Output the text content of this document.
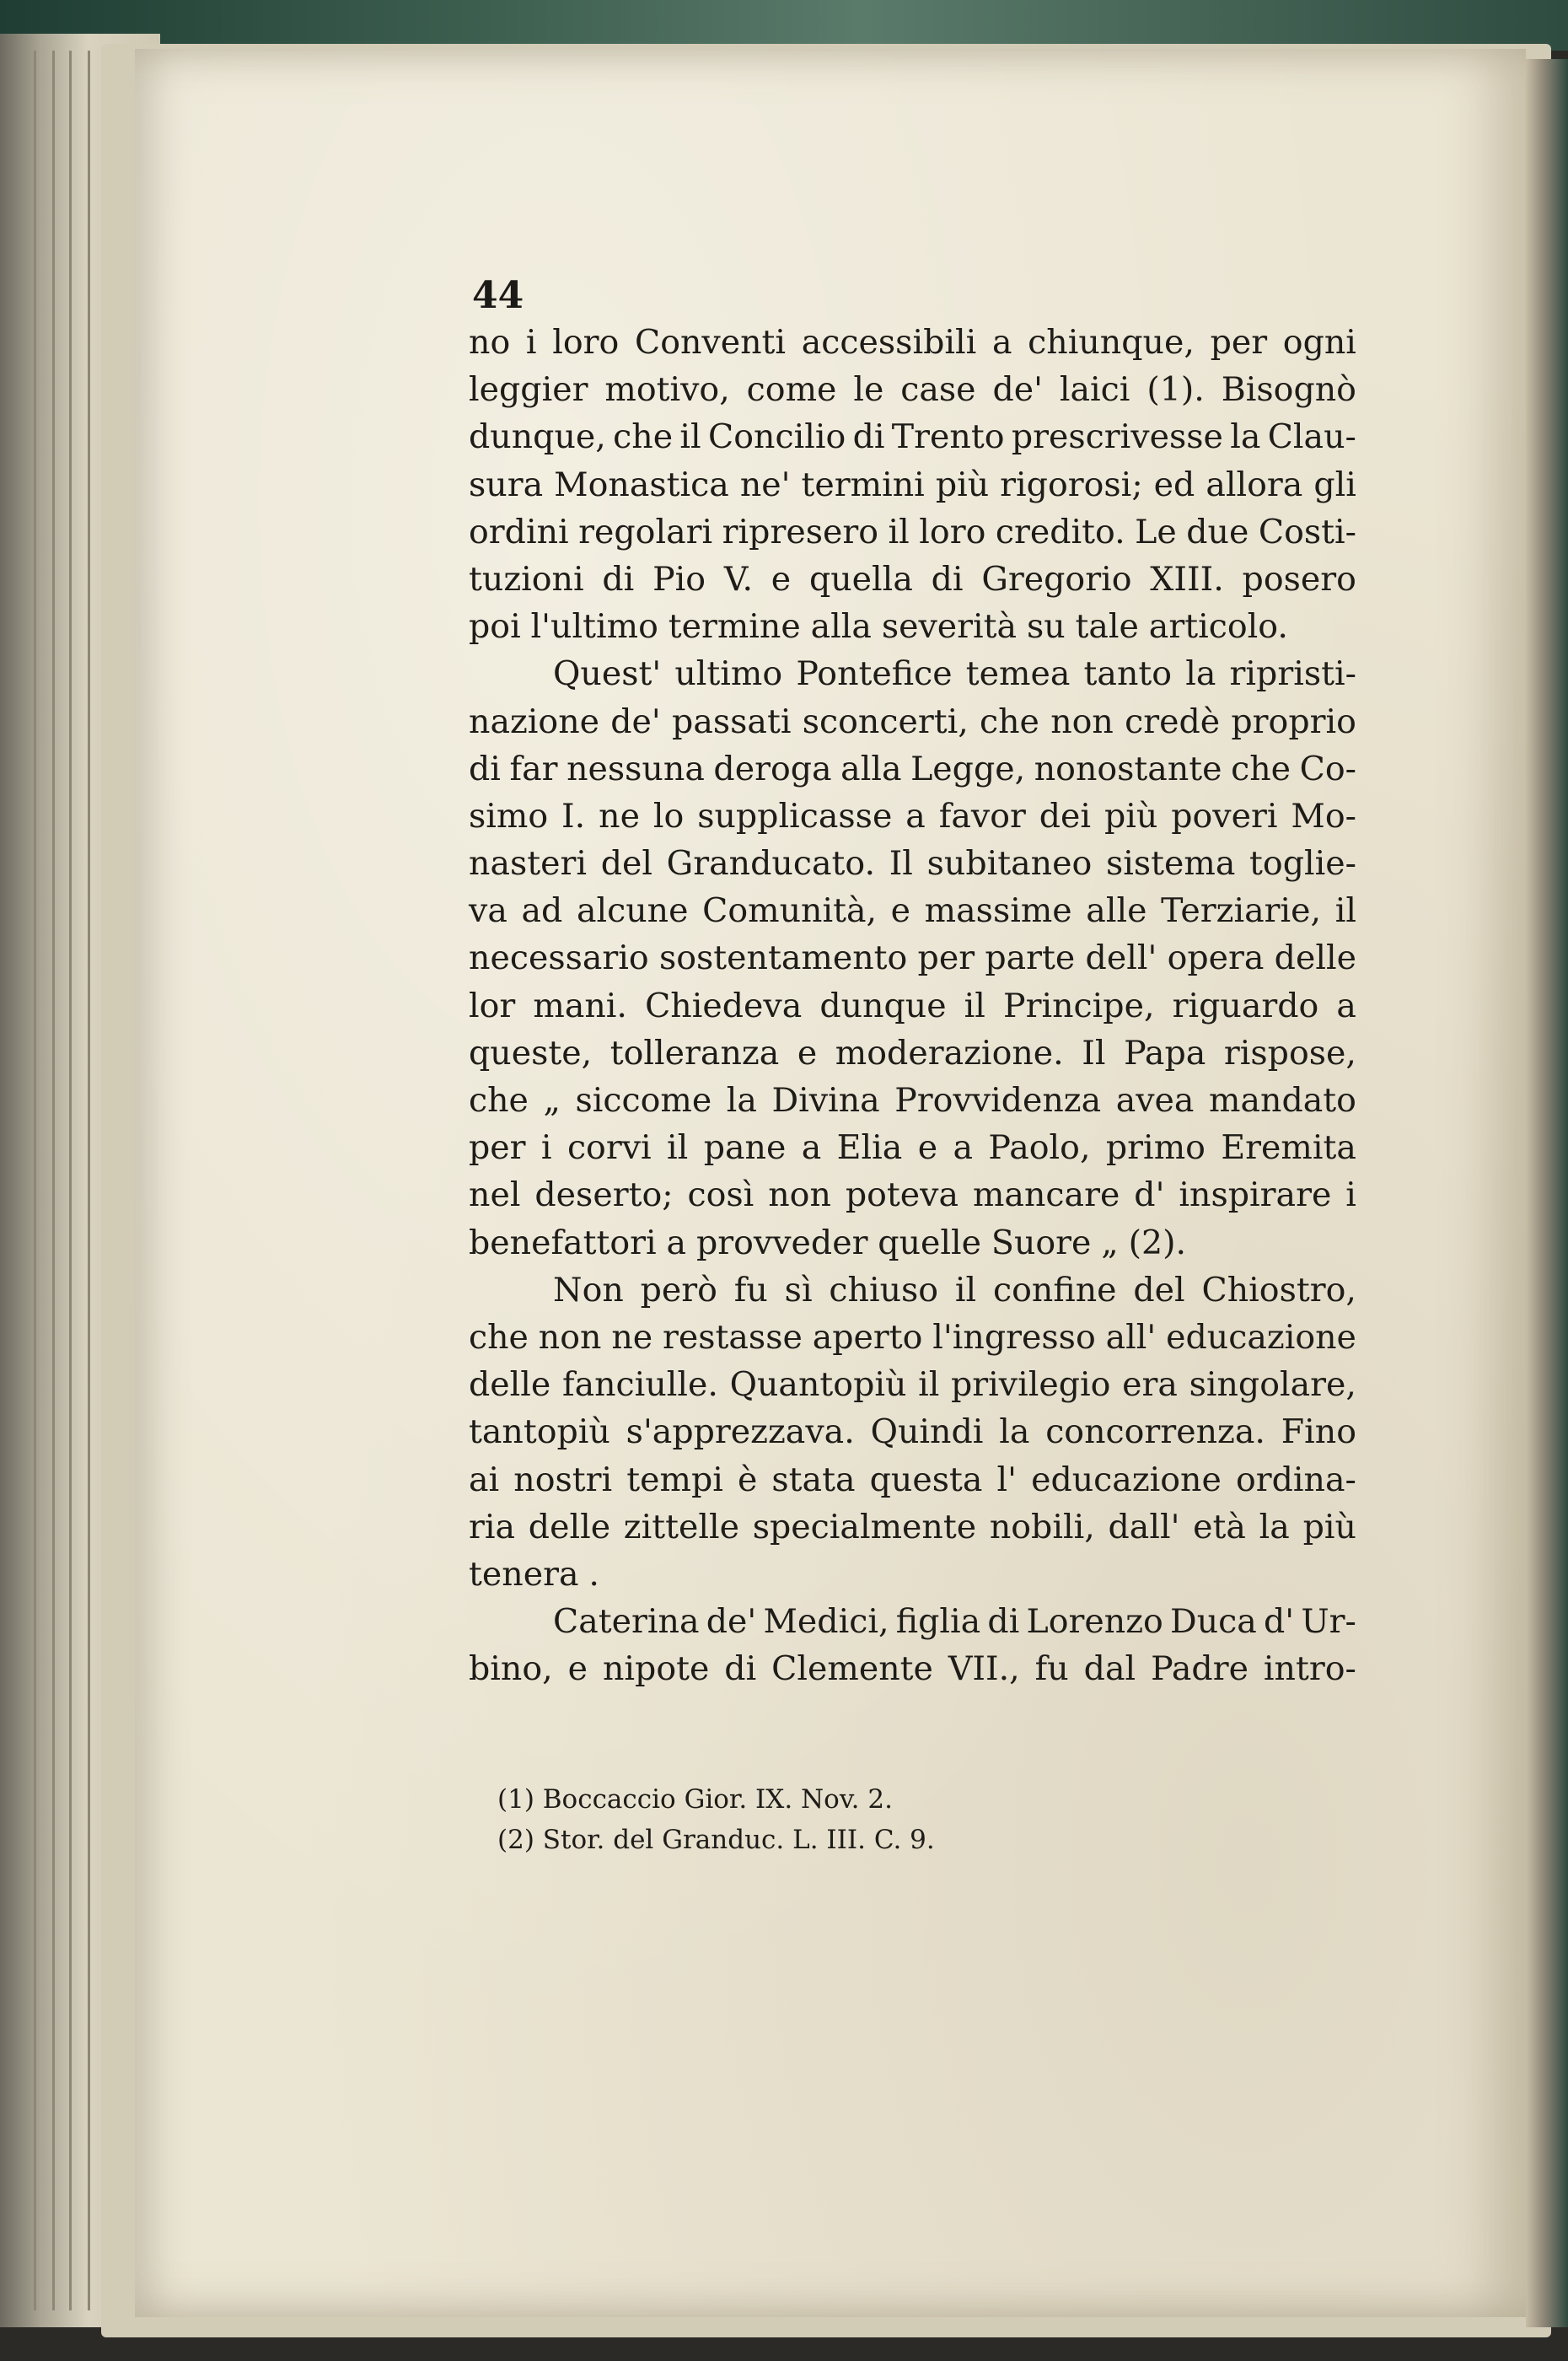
44

no i loro Conventi accessibili a chiunque, per ogni
leggier motivo, come le case de' laici (1). Bisognò
dunque, che il Concilio di Trento prescrivesse la Clau-
sura Monastica ne' termini più rigorosi; ed allora gli
ordini regolari ripresero il loro credito. Le due Costi-
tuzioni di Pio V. e quella di Gregorio XIII. posero
poi l'ultimo termine alla severità su tale articolo.
Quest' ultimo Pontefice temea tanto la ripristi-
nazione de' passati sconcerti, che non credè proprio
di far nessuna deroga alla Legge, nonostante che Co-
simo I. ne lo supplicasse a favor dei più poveri Mo-
nasteri del Granducato. Il subitaneo sistema toglie-
va ad alcune Comunità, e massime alle Terziarie, il
necessario sostentamento per parte dell' opera delle
lor mani. Chiedeva dunque il Principe, riguardo a
queste, tolleranza e moderazione. Il Papa rispose,
che „ siccome la Divina Provvidenza avea mandato
per i corvi il pane a Elia e a Paolo, primo Eremita
nel deserto; così non poteva mancare d' inspirare i
benefattori a provveder quelle Suore „ (2).
Non però fu sì chiuso il confine del Chiostro,
che non ne restasse aperto l'ingresso all' educazione
delle fanciulle. Quantopiù il privilegio era singolare,
tantopiù s'apprezzava. Quindi la concorrenza. Fino
ai nostri tempi è stata questa l' educazione ordina-
ria delle zittelle specialmente nobili, dall' età la più
tenera .
Caterina de' Medici, figlia di Lorenzo Duca d' Ur-
bino, e nipote di Clemente VII., fu dal Padre intro-
(1) Boccaccio Gior. IX. Nov. 2.
(2) Stor. del Granduc. L. III. C. 9.
